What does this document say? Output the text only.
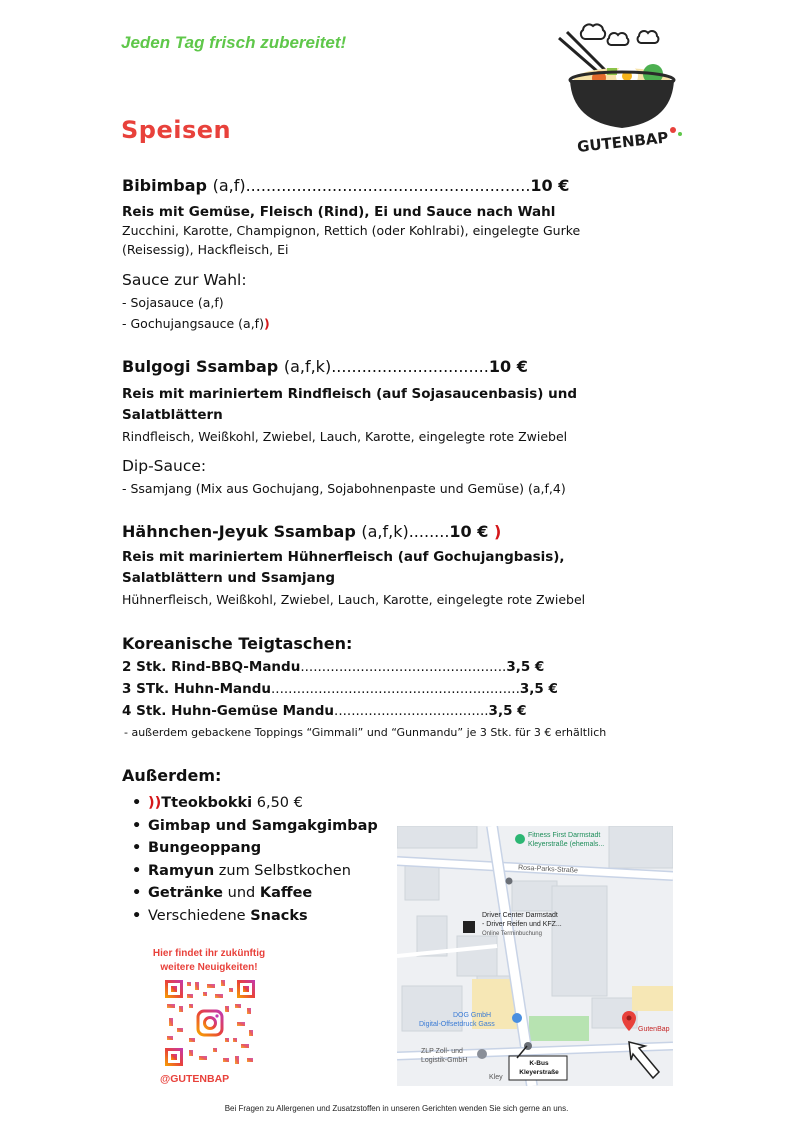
Jeden Tag frisch zubereitet!
Speisen	GUTENBAP
Bibimbap (a,f)........................................................10 €
Reis mit Gemüse, Fleisch (Rind), Ei und Sauce nach Wahl
Zucchini, Karotte, Champignon, Rettich (oder Kohlrabi), eingelegte Gurke
(Reisessig), Hackfleisch, Ei
Sauce zur Wahl:
- Sojasauce (a,f)
- Gochujangsauce (a,f))
Bulgogi Ssambap (a,f,k)...............................10 €
Reis mit mariniertem Rindfleisch (auf Sojasaucenbasis) und
Salatblättern
Rindfleisch, Weißkohl, Zwiebel, Lauch, Karotte, eingelegte rote Zwiebel
Dip-Sauce:
- Ssamjang (Mix aus Gochujang, Sojabohnenpaste und Gemüse) (a,f,4)
Hähnchen-Jeyuk Ssambap (a,f,k)........10 € )
Reis mit mariniertem Hühnerfleisch (auf Gochujangbasis),
Salatblättern und Ssamjang
Hühnerfleisch, Weißkohl, Zwiebel, Lauch, Karotte, eingelegte rote Zwiebel
Koreanische Teigtaschen:
2 Stk. Rind-BBQ-Mandu................................................3,5 €
3 STk. Huhn-Mandu..........................................................3,5 €
4 Stk. Huhn-Gemüse Mandu....................................3,5 €
- außerdem gebackene Toppings “Gimmali” und “Gunmandu” je 3 Stk. für 3 € erhältlich
Außerdem:
• ))Tteokbokki 6,50 €
• Gimbap und Samgakgimbap
• Bungeoppang
• Ramyun zum Selbstkochen
• Getränke und Kaffee
• Verschiedene Snacks
Hier findet ihr zukünftig
weitere Neuigkeiten!
@GUTENBAP
Fitness First Darmstadt
Kleyerstraße (ehemals...
Rosa-Parks-Straße
Driver Center Darmstadt
- Driver Reifen und KFZ...
Online Terminbuchung
DOG GmbH
Digital-Offsetdruck Gass
ZLP Zoll- und
Logistik-GmbH
GutenBap
K-Bus
Kleyerstraße
Kley
Bei Fragen zu Allergenen und Zusatzstoffen in unseren Gerichten wenden Sie sich gerne an uns.
